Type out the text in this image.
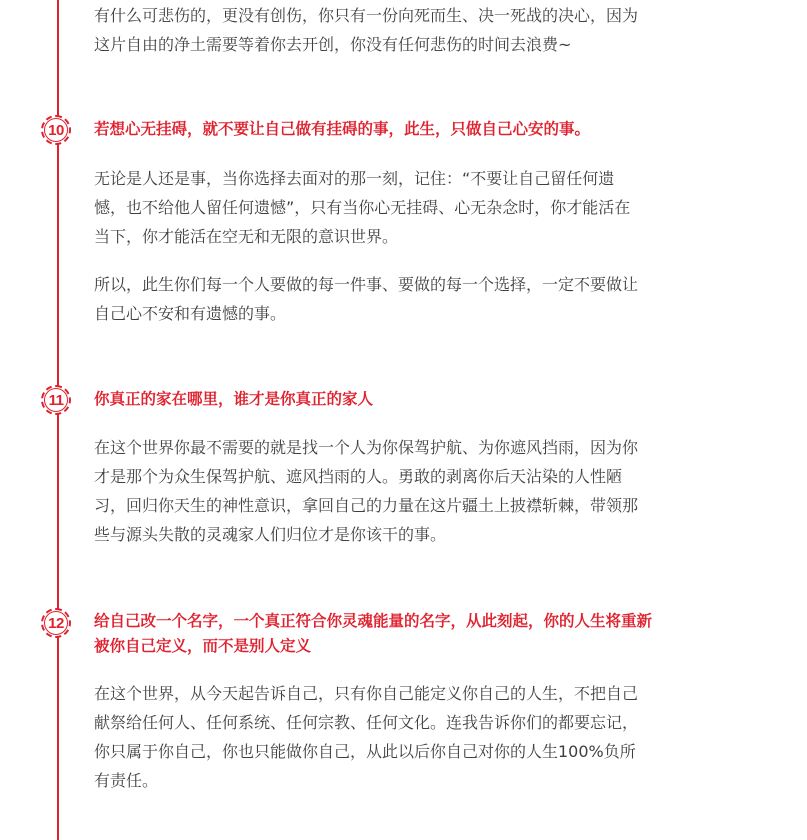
有什么可悲伤的，更没有创伤，你只有一份向死而生、决一死战的决心，因为
这片自由的净土需要等着你去开创，你没有任何悲伤的时间去浪费~

10 若想心无挂碍，就不要让自己做有挂碍的事，此生，只做自己心安的事。

无论是人还是事，当你选择去面对的那一刻，记住：“不要让自己留任何遗
憾，也不给他人留任何遗憾”，只有当你心无挂碍、心无杂念时，你才能活在
当下，你才能活在空无和无限的意识世界。

所以，此生你们每一个人要做的每一件事、要做的每一个选择，一定不要做让
自己心不安和有遗憾的事。

11 你真正的家在哪里，谁才是你真正的家人

在这个世界你最不需要的就是找一个人为你保驾护航、为你遮风挡雨，因为你
才是那个为众生保驾护航、遮风挡雨的人。勇敢的剥离你后天沾染的人性陋
习，回归你天生的神性意识，拿回自己的力量在这片疆土上披襟斩棘，带领那
些与源头失散的灵魂家人们归位才是你该干的事。

12 给自己改一个名字，一个真正符合你灵魂能量的名字，从此刻起，你的人生将重新
被你自己定义，而不是别人定义

在这个世界，从今天起告诉自己，只有你自己能定义你自己的人生，不把自己
献祭给任何人、任何系统、任何宗教、任何文化。连我告诉你们的都要忘记，
你只属于你自己，你也只能做你自己，从此以后你自己对你的人生100%负所
有责任。
